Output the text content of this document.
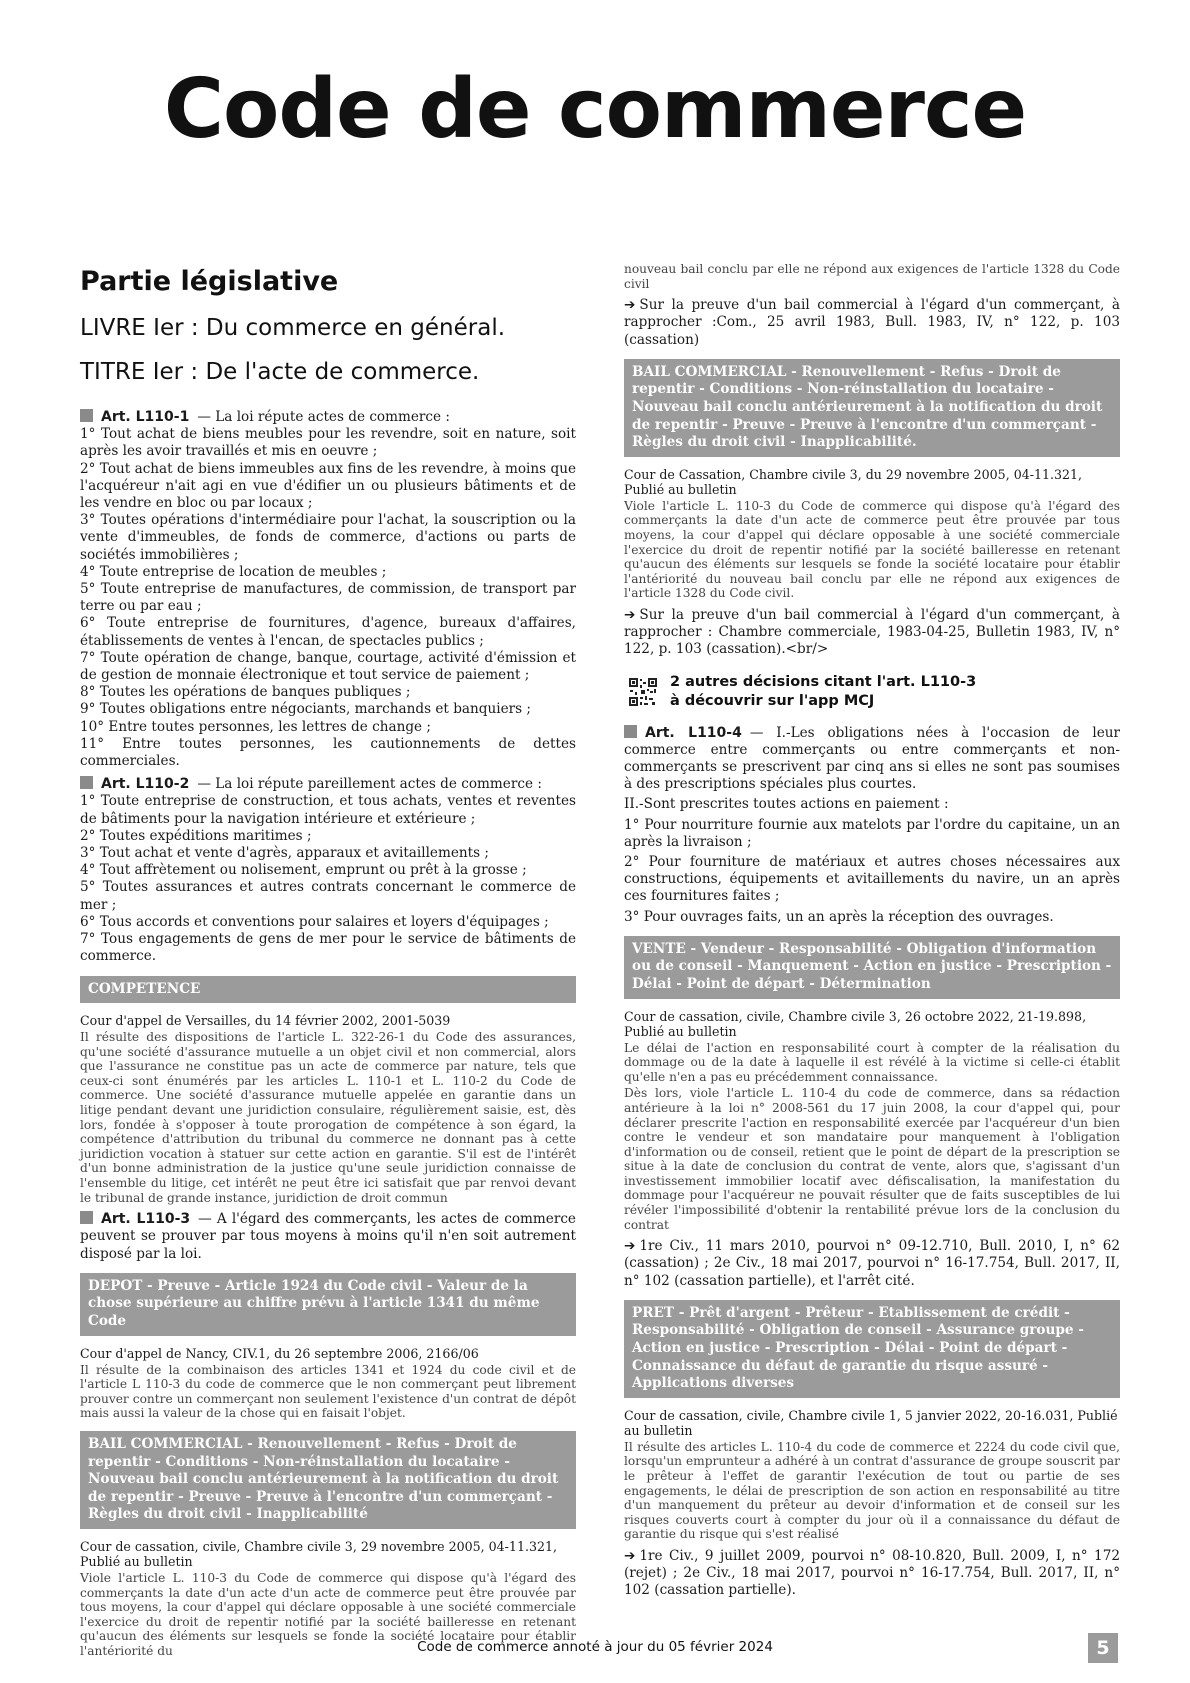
Code de commerce
Partie législative
LIVRE Ier : Du commerce en général.
TITRE Ier : De l'acte de commerce.

Art. L110-1 — La loi répute actes de commerce :

1° Tout achat de biens meubles pour les revendre, soit en nature, soit après les avoir travaillés et mis en oeuvre ;

2° Tout achat de biens immeubles aux fins de les revendre, à moins que l'acquéreur n'ait agi en vue d'édifier un ou plusieurs bâtiments et de les vendre en bloc ou par locaux ;

3° Toutes opérations d'intermédiaire pour l'achat, la souscription ou la vente d'immeubles, de fonds de commerce, d'actions ou parts de sociétés immobilières ;

4° Toute entreprise de location de meubles ;

5° Toute entreprise de manufactures, de commission, de transport par terre ou par eau ;

6° Toute entreprise de fournitures, d'agence, bureaux d'affaires, établissements de ventes à l'encan, de spectacles publics ;

7° Toute opération de change, banque, courtage, activité d'émission et de gestion de monnaie électronique et tout service de paiement ;

8° Toutes les opérations de banques publiques ;

9° Toutes obligations entre négociants, marchands et banquiers ;

10° Entre toutes personnes, les lettres de change ;

11° Entre toutes personnes, les cautionnements de dettes commerciales.

Art. L110-2 — La loi répute pareillement actes de commerce :

1° Toute entreprise de construction, et tous achats, ventes et reventes de bâtiments pour la navigation intérieure et extérieure ;

2° Toutes expéditions maritimes ;

3° Tout achat et vente d'agrès, apparaux et avitaillements ;

4° Tout affrètement ou nolisement, emprunt ou prêt à la grosse ;

5° Toutes assurances et autres contrats concernant le commerce de mer ;

6° Tous accords et conventions pour salaires et loyers d'équipages ;

7° Tous engagements de gens de mer pour le service de bâtiments de commerce.

COMPETENCE

Cour d'appel de Versailles, du 14 février 2002, 2001-5039

Il résulte des dispositions de l'article L. 322-26-1 du Code des assurances, qu'une société d'assurance mutuelle a un objet civil et non commercial, alors que l'assurance ne constitue pas un acte de commerce par nature, tels que ceux-ci sont énumérés par les articles L. 110-1 et L. 110-2 du Code de commerce. Une société d'assurance mutuelle appelée en garantie dans un litige pendant devant une juridiction consulaire, régulièrement saisie, est, dès lors, fondée à s'opposer à toute prorogation de compétence à son égard, la compétence d'attribution du tribunal du commerce ne donnant pas à cette juridiction vocation à statuer sur cette action en garantie. S'il est de l'intérêt d'un bonne administration de la justice qu'une seule juridiction connaisse de l'ensemble du litige, cet intérêt ne peut être ici satisfait que par renvoi devant le tribunal de grande instance, juridiction de droit commun

Art. L110-3 — A l'égard des commerçants, les actes de commerce peuvent se prouver par tous moyens à moins qu'il n'en soit autrement disposé par la loi.

DEPOT - Preuve - Article 1924 du Code civil - Valeur de la chose supérieure au chiffre prévu à l'article 1341 du même Code

Cour d'appel de Nancy, CIV.1, du 26 septembre 2006, 2166/06

Il résulte de la combinaison des articles 1341 et 1924 du code civil et de l'article L 110-3 du code de commerce que le non commerçant peut librement prouver contre un commerçant non seulement l'existence d'un contrat de dépôt mais aussi la valeur de la chose qui en faisait l'objet.

BAIL COMMERCIAL - Renouvellement - Refus - Droit de repentir - Conditions - Non-réinstallation du locataire - Nouveau bail conclu antérieurement à la notification du droit de repentir - Preuve - Preuve à l'encontre d'un commerçant - Règles du droit civil - Inapplicabilité

Cour de cassation, civile, Chambre civile 3, 29 novembre 2005, 04-11.321, Publié au bulletin

Viole l'article L. 110-3 du Code de commerce qui dispose qu'à l'égard des commerçants la date d'un acte d'un acte de commerce peut être prouvée par tous moyens, la cour d'appel qui déclare opposable à une société commerciale l'exercice du droit de repentir notifié par la société bailleresse en retenant qu'aucun des éléments sur lesquels se fonde la société locataire pour établir l'antériorité du

nouveau bail conclu par elle ne répond aux exigences de l'article 1328 du Code civil

➔ Sur la preuve d'un bail commercial à l'égard d'un commerçant, à rapprocher :Com., 25 avril 1983, Bull. 1983, IV, n° 122, p. 103 (cassation)

BAIL COMMERCIAL - Renouvellement - Refus - Droit de repentir - Conditions - Non-réinstallation du locataire - Nouveau bail conclu antérieurement à la notification du droit de repentir - Preuve - Preuve à l'encontre d'un commerçant - Règles du droit civil - Inapplicabilité.

Cour de Cassation, Chambre civile 3, du 29 novembre 2005, 04-11.321, Publié au bulletin

Viole l'article L. 110-3 du Code de commerce qui dispose qu'à l'égard des commerçants la date d'un acte de commerce peut être prouvée par tous moyens, la cour d'appel qui déclare opposable à une société commerciale l'exercice du droit de repentir notifié par la société bailleresse en retenant qu'aucun des éléments sur lesquels se fonde la société locataire pour établir l'antériorité du nouveau bail conclu par elle ne répond aux exigences de l'article 1328 du Code civil.

➔ Sur la preuve d'un bail commercial à l'égard d'un commerçant, à rapprocher : Chambre commerciale, 1983-04-25, Bulletin 1983, IV, n° 122, p. 103 (cassation).<br/>

2 autres décisions citant l'art. L110-3
à découvrir sur l'app MCJ

Art. L110-4 — I.-Les obligations nées à l'occasion de leur commerce entre commerçants ou entre commerçants et non-commerçants se prescrivent par cinq ans si elles ne sont pas soumises à des prescriptions spéciales plus courtes.

II.-Sont prescrites toutes actions en paiement :

1° Pour nourriture fournie aux matelots par l'ordre du capitaine, un an après la livraison ;

2° Pour fourniture de matériaux et autres choses nécessaires aux constructions, équipements et avitaillements du navire, un an après ces fournitures faites ;

3° Pour ouvrages faits, un an après la réception des ouvrages.

VENTE - Vendeur - Responsabilité - Obligation d'information ou de conseil - Manquement - Action en justice - Prescription - Délai - Point de départ - Détermination

Cour de cassation, civile, Chambre civile 3, 26 octobre 2022, 21-19.898, Publié au bulletin

Le délai de l'action en responsabilité court à compter de la réalisation du dommage ou de la date à laquelle il est révélé à la victime si celle-ci établit qu'elle n'en a pas eu précédemment connaissance.

Dès lors, viole l'article L. 110-4 du code de commerce, dans sa rédaction antérieure à la loi n° 2008-561 du 17 juin 2008, la cour d'appel qui, pour déclarer prescrite l'action en responsabilité exercée par l'acquéreur d'un bien contre le vendeur et son mandataire pour manquement à l'obligation d'information ou de conseil, retient que le point de départ de la prescription se situe à la date de conclusion du contrat de vente, alors que, s'agissant d'un investissement immobilier locatif avec défiscalisation, la manifestation du dommage pour l'acquéreur ne pouvait résulter que de faits susceptibles de lui révéler l'impossibilité d'obtenir la rentabilité prévue lors de la conclusion du contrat

➔ 1re Civ., 11 mars 2010, pourvoi n° 09-12.710, Bull. 2010, I, n° 62 (cassation) ; 2e Civ., 18 mai 2017, pourvoi n° 16-17.754, Bull. 2017, II, n° 102 (cassation partielle), et l'arrêt cité.

PRET - Prêt d'argent - Prêteur - Etablissement de crédit - Responsabilité - Obligation de conseil - Assurance groupe - Action en justice - Prescription - Délai - Point de départ - Connaissance du défaut de garantie du risque assuré - Applications diverses

Cour de cassation, civile, Chambre civile 1, 5 janvier 2022, 20-16.031, Publié au bulletin

Il résulte des articles L. 110-4 du code de commerce et 2224 du code civil que, lorsqu'un emprunteur a adhéré à un contrat d'assurance de groupe souscrit par le prêteur à l'effet de garantir l'exécution de tout ou partie de ses engagements, le délai de prescription de son action en responsabilité au titre d'un manquement du prêteur au devoir d'information et de conseil sur les risques couverts court à compter du jour où il a connaissance du défaut de garantie du risque qui s'est réalisé

➔ 1re Civ., 9 juillet 2009, pourvoi n° 08-10.820, Bull. 2009, I, n° 172 (rejet) ; 2e Civ., 18 mai 2017, pourvoi n° 16-17.754, Bull. 2017, II, n° 102 (cassation partielle).

Code de commerce annoté à jour du 05 février 2024	5
